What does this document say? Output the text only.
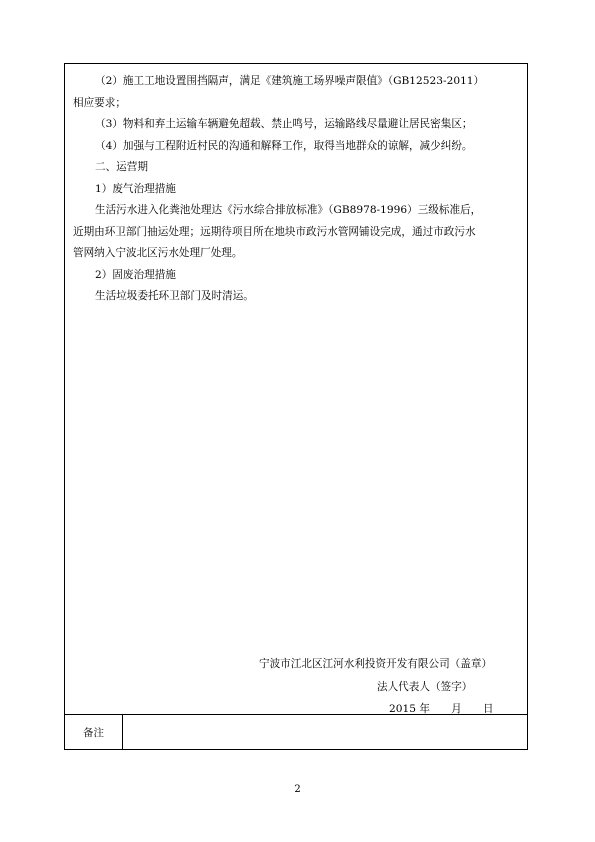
（2）施工工地设置围挡隔声，满足《建筑施工场界噪声限值》（GB12523-2011）

相应要求；

（3）物料和弃土运输车辆避免超载、禁止鸣号，运输路线尽量避让居民密集区；

（4）加强与工程附近村民的沟通和解释工作，取得当地群众的谅解，减少纠纷。

二、运营期

1）废气治理措施

生活污水进入化粪池处理达《污水综合排放标准》（GB8978-1996）三级标准后，

近期由环卫部门抽运处理；远期待项目所在地块市政污水管网铺设完成，通过市政污水

管网纳入宁波北区污水处理厂处理。

2）固废治理措施

生活垃圾委托环卫部门及时清运。

宁波市江北区江河水利投资开发有限公司（盖章）
法人代表人（签字）
2015 年　　月　　日
备注
2
